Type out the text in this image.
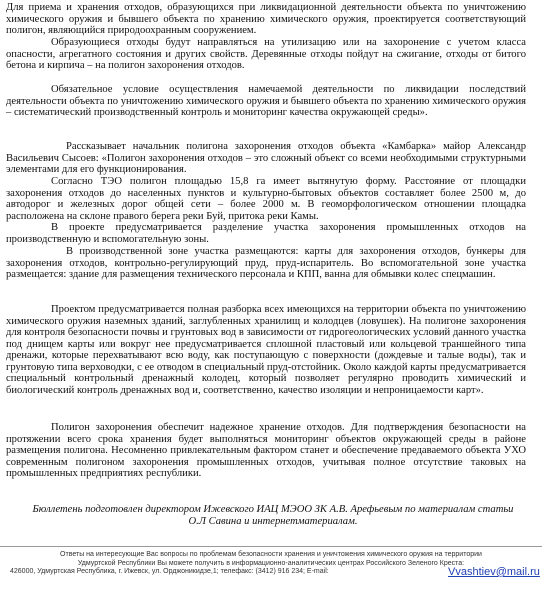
Для приема и хранения отходов, образующихся при ликвидационной деятельности объекта по уничтожению химического оружия и бывшего объекта по хранению химического оружия, проектируется соответствующий полигон, являющийся природоохранным сооружением.

Образующиеся отходы будут направляться на утилизацию или на захоронение с учетом класса опасности, агрегатного состояния и других свойств. Деревянные отходы пойдут на сжигание, отходы от битого бетона и кирпича – на полигон захоронения отходов.

Обязательное условие осуществления намечаемой деятельности по ликвидации последствий деятельности объекта по уничтожению химического оружия и бывшего объекта по хранению химического оружия – систематический производственный контроль и мониторинг качества окружающей среды».

Рассказывает начальник полигона захоронения отходов объекта «Камбарка» майор Александр Васильевич Сысоев: «Полигон захоронения отходов – это сложный объект со всеми необходимыми структурными элементами для его функционирования.

Согласно ТЭО полигон площадью 15,8 га имеет вытянутую форму. Расстояние от площадки захоронения отходов до населенных пунктов и культурно-бытовых объектов составляет более 2500 м, до автодорог и железных дорог общей сети – более 2000 м. В геоморфологическом отношении площадка расположена на склоне правого берега реки Буй, притока реки Камы.

В проекте предусматривается разделение участка захоронения промышленных отходов на производственную и вспомогательную зоны.

В производственной зоне участка размещаются: карты для захоронения отходов, бункеры для захоронения отходов, контрольно-регулирующий пруд, пруд-испаритель. Во вспомогательной зоне участка размещается: здание для размещения технического персонала и КПП, ванна для обмывки колес спецмашин.

Проектом предусматривается полная разборка всех имеющихся на территории объекта по уничтожению химического оружия наземных зданий, заглубленных хранилищ и колодцев (ловушек). На полигоне захоронения для контроля безопасности почвы и грунтовых вод в зависимости от гидрогеологических условий данного участка под днищем карты или вокруг нее предусматривается сплошной пластовый или кольцевой траншейного типа дренажи, которые перехватывают всю воду, как поступающую с поверхности (дождевые и талые воды), так и грунтовую типа верховодки, с ее отводом в специальный пруд-отстойник. Около каждой карты предусматривается специальный контрольный дренажный колодец, который позволяет регулярно проводить химический и биологический контроль дренажных вод и, соответственно, качество изоляции и непроницаемости карт».

Полигон захоронения обеспечит надежное хранение отходов. Для подтверждения безопасности на протяжении всего срока хранения будет выполняться мониторинг объектов окружающей среды в районе размещения полигона. Несомненно привлекательным фактором станет и обеспечение предаваемого объекта УХО современным полигоном захоронения промышленных отходов, учитывая полное отсутствие таковых на промышленных предприятиях республики.

Бюллетень подготовлен директором Ижевского ИАЦ МЭОО ЗК А.В. Арефьевым по материалам статьи О.Л Савина и интернетматериалам.

Ответы на интересующие Вас вопросы по проблемам безопасности хранения и уничтожения химического оружия на территории
Удмуртской Республики Вы можете получить в информационно-аналитических центрах Российского Зеленого Креста:
426000, Удмуртская Республика, г. Ижевск, ул. Орджоникидзе,1; телефакс: (3412) 916 234; E-mail:	Vvashtiev@mail.ru
